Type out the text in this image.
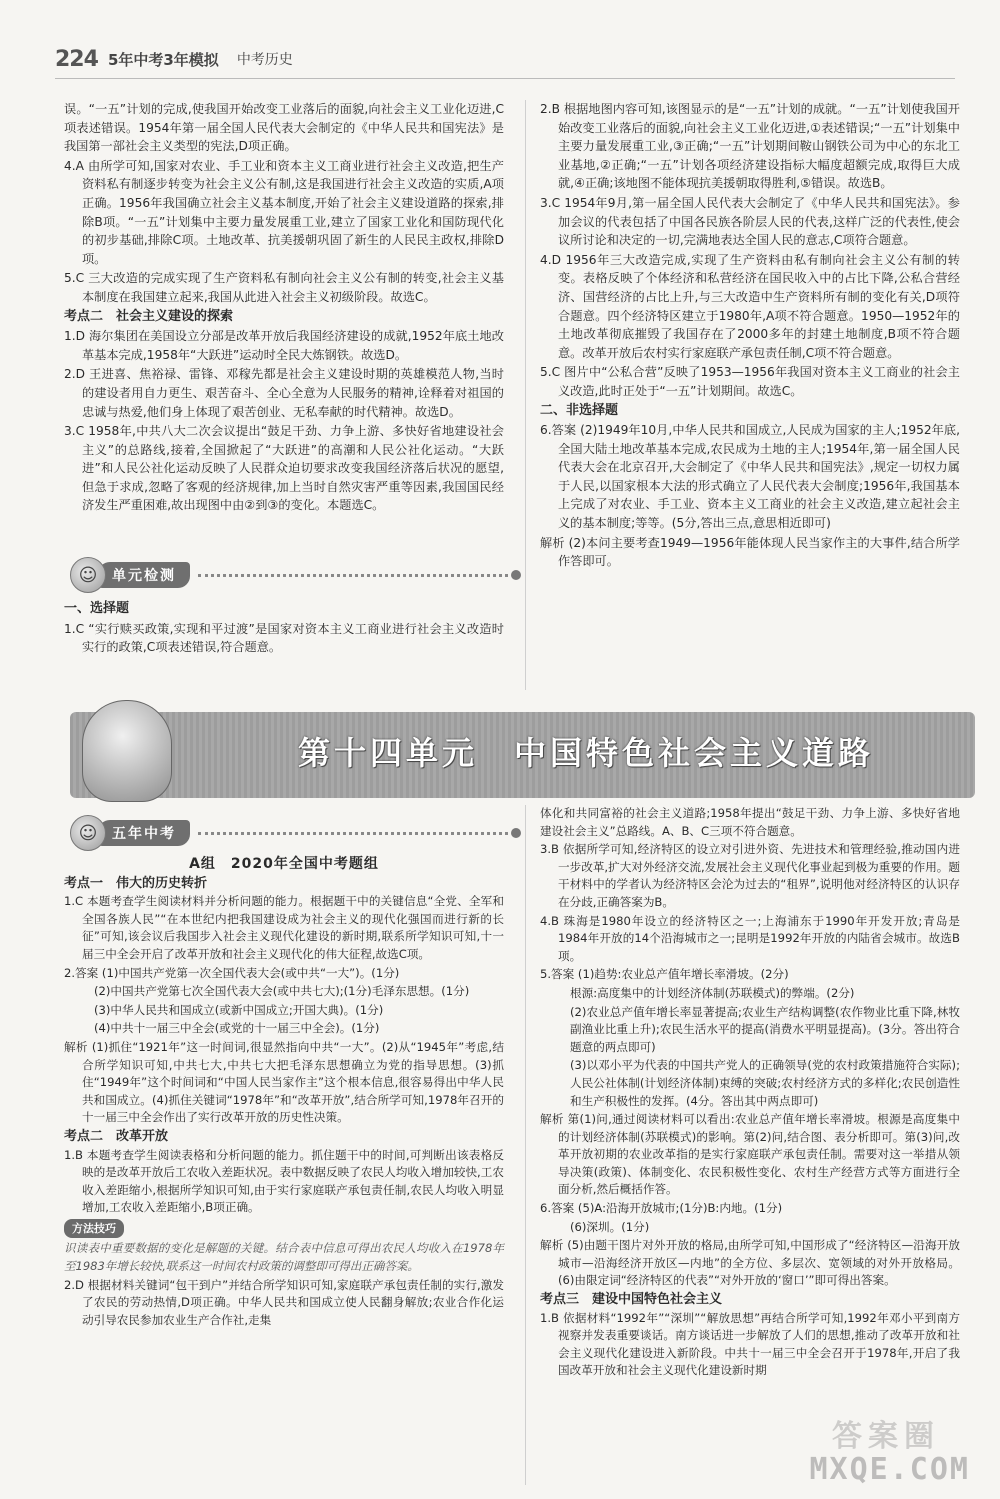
224 5年中考3年模拟 中考历史

误。“一五”计划的完成,使我国开始改变工业落后的面貌,向社会主义工业化迈进,C项表述错误。1954年第一届全国人民代表大会制定的《中华人民共和国宪法》是我国第一部社会主义类型的宪法,D项正确。

4.A 由所学可知,国家对农业、手工业和资本主义工商业进行社会主义改造,把生产资料私有制逐步转变为社会主义公有制,这是我国进行社会主义改造的实质,A项正确。1956年我国确立社会主义基本制度,开始了社会主义建设道路的探索,排除B项。“一五”计划集中主要力量发展重工业,建立了国家工业化和国防现代化的初步基础,排除C项。土地改革、抗美援朝巩固了新生的人民民主政权,排除D项。

5.C 三大改造的完成实现了生产资料私有制向社会主义公有制的转变,社会主义基本制度在我国建立起来,我国从此进入社会主义初级阶段。故选C。

考点二　社会主义建设的探索

1.D 海尔集团在美国设立分部是改革开放后我国经济建设的成就,1952年底土地改革基本完成,1958年“大跃进”运动时全民大炼钢铁。故选D。

2.D 王进喜、焦裕禄、雷锋、邓稼先都是社会主义建设时期的英雄模范人物,当时的建设者用自力更生、艰苦奋斗、全心全意为人民服务的精神,诠释着对祖国的忠诚与热爱,他们身上体现了艰苦创业、无私奉献的时代精神。故选D。

3.C 1958年,中共八大二次会议提出“鼓足干劲、力争上游、多快好省地建设社会主义”的总路线,接着,全国掀起了“大跃进”的高潮和人民公社化运动。“大跃进”和人民公社化运动反映了人民群众迫切要求改变我国经济落后状况的愿望,但急于求成,忽略了客观的经济规律,加上当时自然灾害严重等因素,我国国民经济发生严重困难,故出现图中由②到③的变化。本题选C。

☺	单元检测

一、选择题

1.C “实行赎买政策,实现和平过渡”是国家对资本主义工商业进行社会主义改造时实行的政策,C项表述错误,符合题意。

2.B 根据地图内容可知,该图显示的是“一五”计划的成就。“一五”计划使我国开始改变工业落后的面貌,向社会主义工业化迈进,①表述错误;“一五”计划集中主要力量发展重工业,③正确;“一五”计划期间鞍山钢铁公司为中心的东北工业基地,②正确;“一五”计划各项经济建设指标大幅度超额完成,取得巨大成就,④正确;该地图不能体现抗美援朝取得胜利,⑤错误。故选B。

3.C 1954年9月,第一届全国人民代表大会制定了《中华人民共和国宪法》。参加会议的代表包括了中国各民族各阶层人民的代表,这样广泛的代表性,使会议所讨论和决定的一切,完满地表达全国人民的意志,C项符合题意。

4.D 1956年三大改造完成,实现了生产资料由私有制向社会主义公有制的转变。表格反映了个体经济和私营经济在国民收入中的占比下降,公私合营经济、国营经济的占比上升,与三大改造中生产资料所有制的变化有关,D项符合题意。四个经济特区建立于1980年,A项不符合题意。1950—1952年的土地改革彻底摧毁了我国存在了2000多年的封建土地制度,B项不符合题意。改革开放后农村实行家庭联产承包责任制,C项不符合题意。

5.C 图片中“公私合营”反映了1953—1956年我国对资本主义工商业的社会主义改造,此时正处于“一五”计划期间。故选C。

二、非选择题

6.答案 (2)1949年10月,中华人民共和国成立,人民成为国家的主人;1952年底,全国大陆土地改革基本完成,农民成为土地的主人;1954年,第一届全国人民代表大会在北京召开,大会制定了《中华人民共和国宪法》,规定一切权力属于人民,以国家根本大法的形式确立了人民代表大会制度;1956年,我国基本上完成了对农业、手工业、资本主义工商业的社会主义改造,建立起社会主义的基本制度;等等。(5分,答出三点,意思相近即可)

解析 (2)本问主要考查1949—1956年能体现人民当家作主的大事件,结合所学作答即可。

第十四单元　中国特色社会主义道路
☺	五年中考

A组　2020年全国中考题组

考点一　伟大的历史转折

1.C 本题考查学生阅读材料并分析问题的能力。根据题干中的关键信息“全党、全军和全国各族人民”“在本世纪内把我国建设成为社会主义的现代化强国而进行新的长征”可知,该会议后我国步入社会主义现代化建设的新时期,联系所学知识可知,十一届三中全会开启了改革开放和社会主义现代化的伟大征程,故选C项。

2.答案 (1)中国共产党第一次全国代表大会(或中共“一大”)。(1分)

(2)中国共产党第七次全国代表大会(或中共七大);(1分)毛泽东思想。(1分)

(3)中华人民共和国成立(或新中国成立;开国大典)。(1分)

(4)中共十一届三中全会(或党的十一届三中全会)。(1分)

解析 (1)抓住“1921年”这一时间词,很显然指向中共“一大”。(2)从“1945年”考虑,结合所学知识可知,中共七大,中共七大把毛泽东思想确立为党的指导思想。(3)抓住“1949年”这个时间词和“中国人民当家作主”这个根本信息,很容易得出中华人民共和国成立。(4)抓住关键词“1978年”和“改革开放”,结合所学可知,1978年召开的十一届三中全会作出了实行改革开放的历史性决策。

考点二　改革开放

1.B 本题考查学生阅读表格和分析问题的能力。抓住题干中的时间,可判断出该表格反映的是改革开放后工农收入差距状况。表中数据反映了农民人均收入增加较快,工农收入差距缩小,根据所学知识可知,由于实行家庭联产承包责任制,农民人均收入明显增加,工农收入差距缩小,B项正确。

方法技巧

识读表中重要数据的变化是解题的关键。结合表中信息可得出农民人均收入在1978年至1983年增长较快,联系这一时间农村政策的调整即可得出正确答案。

2.D 根据材料关键词“包干到户”并结合所学知识可知,家庭联产承包责任制的实行,激发了农民的劳动热情,D项正确。中华人民共和国成立使人民翻身解放;农业合作化运动引导农民参加农业生产合作社,走集

体化和共同富裕的社会主义道路;1958年提出“鼓足干劲、力争上游、多快好省地建设社会主义”总路线。A、B、C三项不符合题意。

3.B 依据所学可知,经济特区的设立对引进外资、先进技术和管理经验,推动国内进一步改革,扩大对外经济交流,发展社会主义现代化事业起到极为重要的作用。题干材料中的学者认为经济特区会沦为过去的“租界”,说明他对经济特区的认识存在分歧,正确答案为B。

4.B 珠海是1980年设立的经济特区之一;上海浦东于1990年开发开放;青岛是1984年开放的14个沿海城市之一;昆明是1992年开放的内陆省会城市。故选B项。

5.答案 (1)趋势:农业总产值年增长率滑坡。(2分)

根源:高度集中的计划经济体制(苏联模式)的弊端。(2分)

(2)农业总产值年增长率显著提高;农业生产结构调整(农作物业比重下降,林牧副渔业比重上升);农民生活水平的提高(消费水平明显提高)。(3分。答出符合题意的两点即可)

(3)以邓小平为代表的中国共产党人的正确领导(党的农村政策措施符合实际);人民公社体制(计划经济体制)束缚的突破;农村经济方式的多样化;农民创造性和生产积极性的发挥。(4分。答出其中两点即可)

解析 第(1)问,通过阅读材料可以看出:农业总产值年增长率滑坡。根源是高度集中的计划经济体制(苏联模式)的影响。第(2)问,结合图、表分析即可。第(3)问,改革开放初期的农业改革指的是实行家庭联产承包责任制。需要对这一举措从领导决策(政策)、体制变化、农民积极性变化、农村生产经营方式等方面进行全面分析,然后概括作答。

6.答案 (5)A:沿海开放城市;(1分)B:内地。(1分)

(6)深圳。(1分)

解析 (5)由题干图片对外开放的格局,由所学可知,中国形成了“经济特区—沿海开放城市—沿海经济开放区—内地”的全方位、多层次、宽领域的对外开放格局。(6)由限定词“经济特区的代表”“对外开放的‘窗口’”即可得出答案。

考点三　建设中国特色社会主义

1.B 依据材料“1992年”“深圳”“解放思想”再结合所学可知,1992年邓小平到南方视察并发表重要谈话。南方谈话进一步解放了人们的思想,推动了改革开放和社会主义现代化建设进入新阶段。中共十一届三中全会召开于1978年,开启了我国改革开放和社会主义现代化建设新时期

答案圈
MXQE.COM
